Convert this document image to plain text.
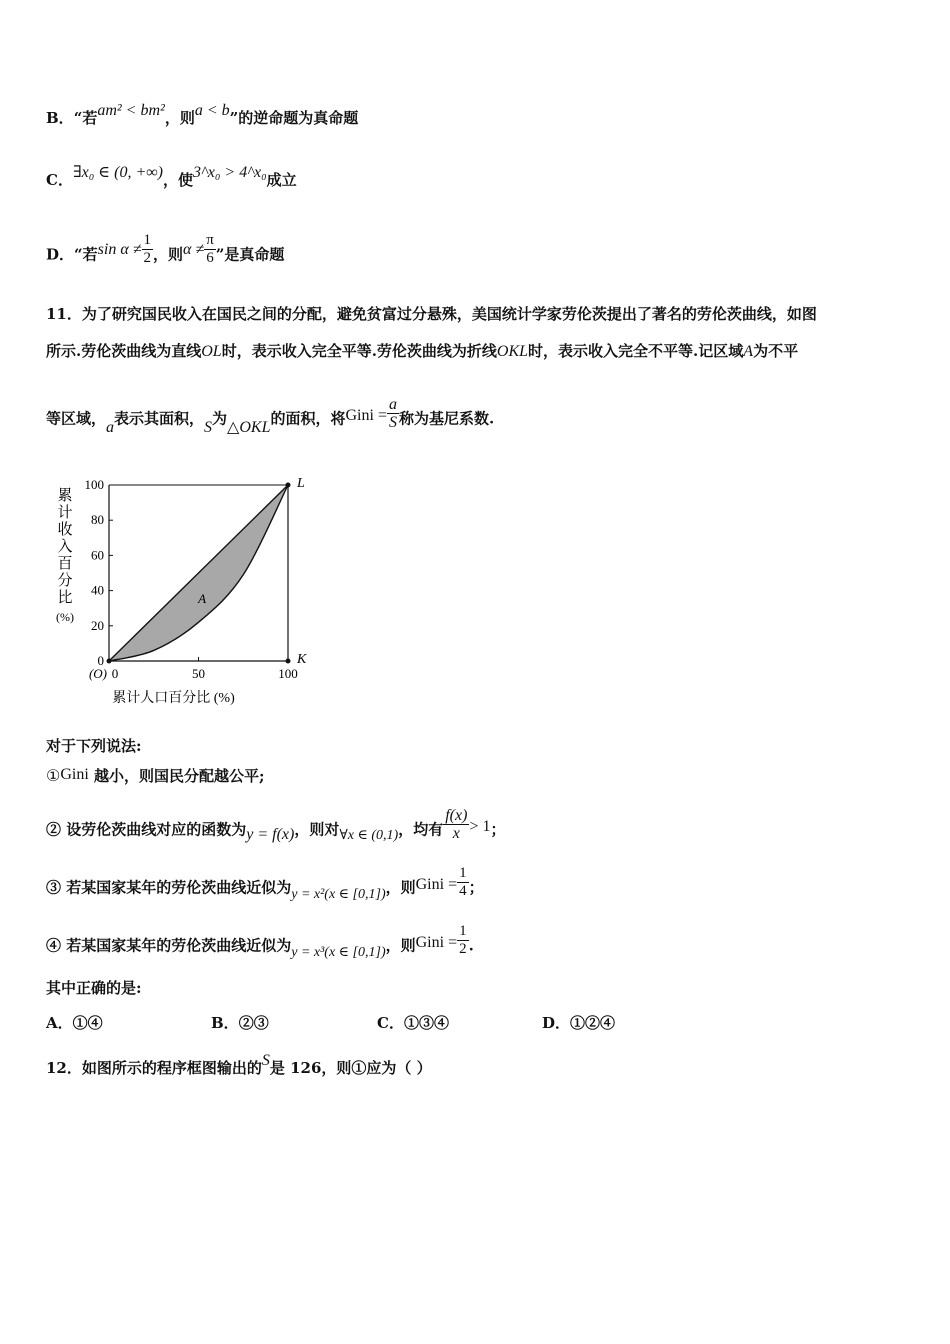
B．“若am² < bm²，则a < b”的逆命题为真命题
C．∃x₀ ∈ (0, +∞)，使3^x₀ > 4^x₀成立
D．“若$\sin \alpha \ne \frac{1}{2}$ ，则$\alpha \ne \frac{\pi}{6}$ ”是真命题
11．为了研究国民收入在国民之间的分配，避免贫富过分悬殊，美国统计学家劳伦茨提出了著名的劳伦茨曲线，如图
所示.劳伦茨曲线为直线OL时，表示收入完全平等.劳伦茨曲线为折线OKL时，表示收入完全不平等.记区域A为不平
等区域，a表示其面积，S为△OKL的面积，将Gini = $\frac{a}{S}$ 称为基尼系数.
100
80
60
40
20
0
0	50	100
(O)
L
K
A
累
计
收
入
百
分
比
(%)
累计人口百分比 (%)
对于下列说法:
①Gini 越小，则国民分配越公平;
② 设劳伦茨曲线对应的函数为y = f(x)，则对∀x ∈ (0,1)，均有 $\frac{f(x)}{x} > 1$；
③ 若某国家某年的劳伦茨曲线近似为y = x²(x ∈ [0,1])，则Gini = $\frac{1}{4}$ ；
④ 若某国家某年的劳伦茨曲线近似为y = x³(x ∈ [0,1])，则Gini = $\frac{1}{2}$ .
其中正确的是:
A．①④	B．②③	C．①③④	D．①②④
12．如图所示的程序框图输出的S是 126，则①应为（ ）
